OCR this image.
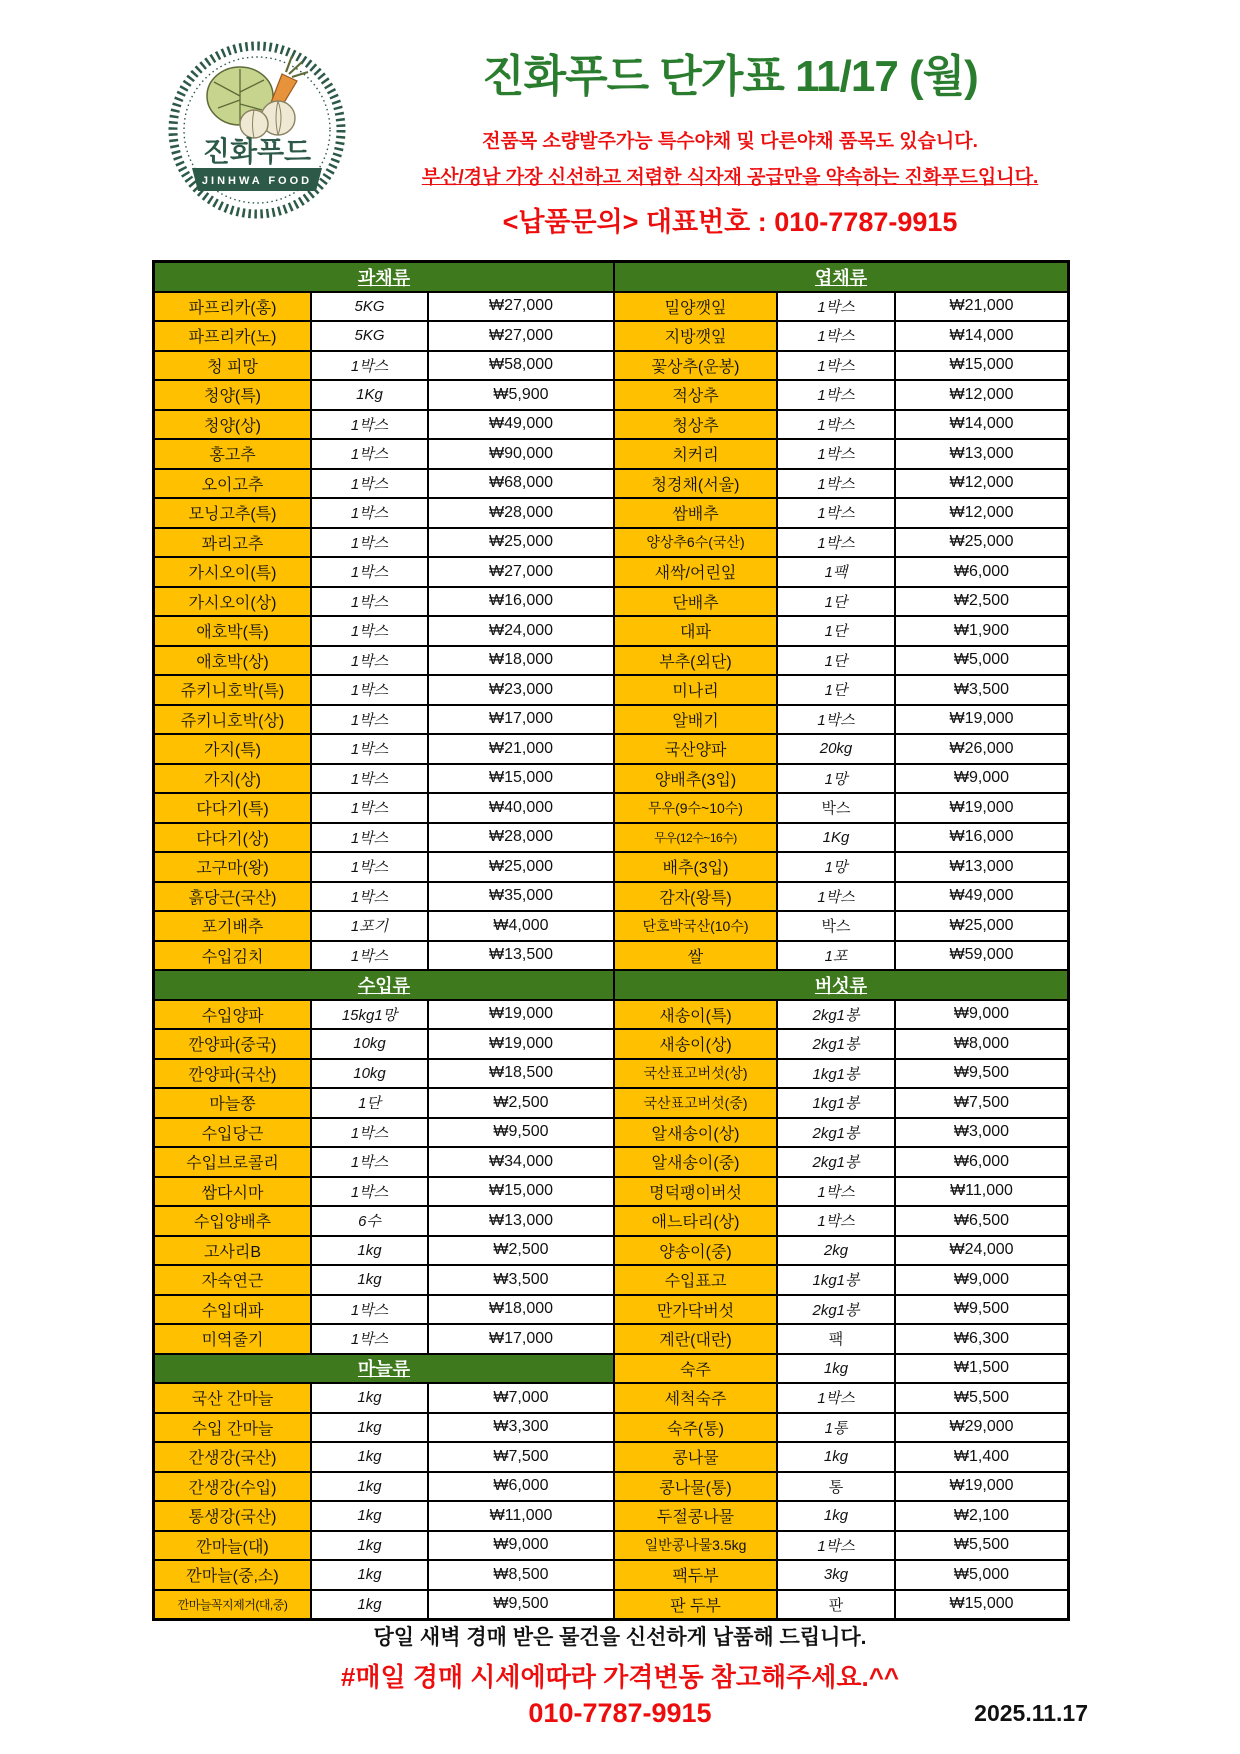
진화푸드
JINHWA FOOD
진화푸드 단가표 11/17 (월)
전품목 소량발주가능 특수야채 및 다른야채 품목도 있습니다.
부산/경남 가장 신선하고 저렴한 식자재 공급만을 약속하는 진화푸드입니다.
<납품문의> 대표번호 : 010-7787-9915
과채류	엽채류
파프리카(홍)	5KG	₩27,000	밀양깻잎	1박스	₩21,000
파프리카(노)	5KG	₩27,000	지방깻잎	1박스	₩14,000
청 피망	1박스	₩58,000	꽃상추(운봉)	1박스	₩15,000
청양(특)	1Kg	₩5,900	적상추	1박스	₩12,000
청양(상)	1박스	₩49,000	청상추	1박스	₩14,000
홍고추	1박스	₩90,000	치커리	1박스	₩13,000
오이고추	1박스	₩68,000	청경채(서울)	1박스	₩12,000
모닝고추(특)	1박스	₩28,000	쌈배추	1박스	₩12,000
꽈리고추	1박스	₩25,000	양상추6수(국산)	1박스	₩25,000
가시오이(특)	1박스	₩27,000	새싹/어린잎	1팩	₩6,000
가시오이(상)	1박스	₩16,000	단배추	1단	₩2,500
애호박(특)	1박스	₩24,000	대파	1단	₩1,900
애호박(상)	1박스	₩18,000	부추(외단)	1단	₩5,000
쥬키니호박(특)	1박스	₩23,000	미나리	1단	₩3,500
쥬키니호박(상)	1박스	₩17,000	알배기	1박스	₩19,000
가지(특)	1박스	₩21,000	국산양파	20kg	₩26,000
가지(상)	1박스	₩15,000	양배추(3입)	1망	₩9,000
다다기(특)	1박스	₩40,000	무우(9수~10수)	박스	₩19,000
다다기(상)	1박스	₩28,000	무우(12수~16수)	1Kg	₩16,000
고구마(왕)	1박스	₩25,000	배추(3입)	1망	₩13,000
흙당근(국산)	1박스	₩35,000	감자(왕특)	1박스	₩49,000
포기배추	1포기	₩4,000	단호박국산(10수)	박스	₩25,000
수입김치	1박스	₩13,500	쌀	1포	₩59,000
수입류	버섯류
수입양파	15kg1망	₩19,000	새송이(특)	2kg1봉	₩9,000
깐양파(중국)	10kg	₩19,000	새송이(상)	2kg1봉	₩8,000
깐양파(국산)	10kg	₩18,500	국산표고버섯(상)	1kg1봉	₩9,500
마늘쫑	1단	₩2,500	국산표고버섯(중)	1kg1봉	₩7,500
수입당근	1박스	₩9,500	알새송이(상)	2kg1봉	₩3,000
수입브로콜리	1박스	₩34,000	알새송이(중)	2kg1봉	₩6,000
쌈다시마	1박스	₩15,000	명덕팽이버섯	1박스	₩11,000
수입양배추	6수	₩13,000	애느타리(상)	1박스	₩6,500
고사리B	1kg	₩2,500	양송이(중)	2kg	₩24,000
자숙연근	1kg	₩3,500	수입표고	1kg1봉	₩9,000
수입대파	1박스	₩18,000	만가닥버섯	2kg1봉	₩9,500
미역줄기	1박스	₩17,000	계란(대란)	팩	₩6,300
마늘류	숙주	1kg	₩1,500
국산 간마늘	1kg	₩7,000	세척숙주	1박스	₩5,500
수입 간마늘	1kg	₩3,300	숙주(통)	1통	₩29,000
간생강(국산)	1kg	₩7,500	콩나물	1kg	₩1,400
간생강(수입)	1kg	₩6,000	콩나물(통)	통	₩19,000
통생강(국산)	1kg	₩11,000	두절콩나물	1kg	₩2,100
깐마늘(대)	1kg	₩9,000	일반콩나물3.5kg	1박스	₩5,500
깐마늘(중,소)	1kg	₩8,500	팩두부	3kg	₩5,000
깐마늘꼭지제거(대,중)	1kg	₩9,500	판 두부	판	₩15,000
당일 새벽 경매 받은 물건을 신선하게 납품해 드립니다.
#매일 경매 시세에따라 가격변동 참고해주세요.^^
010-7787-9915	2025.11.17
